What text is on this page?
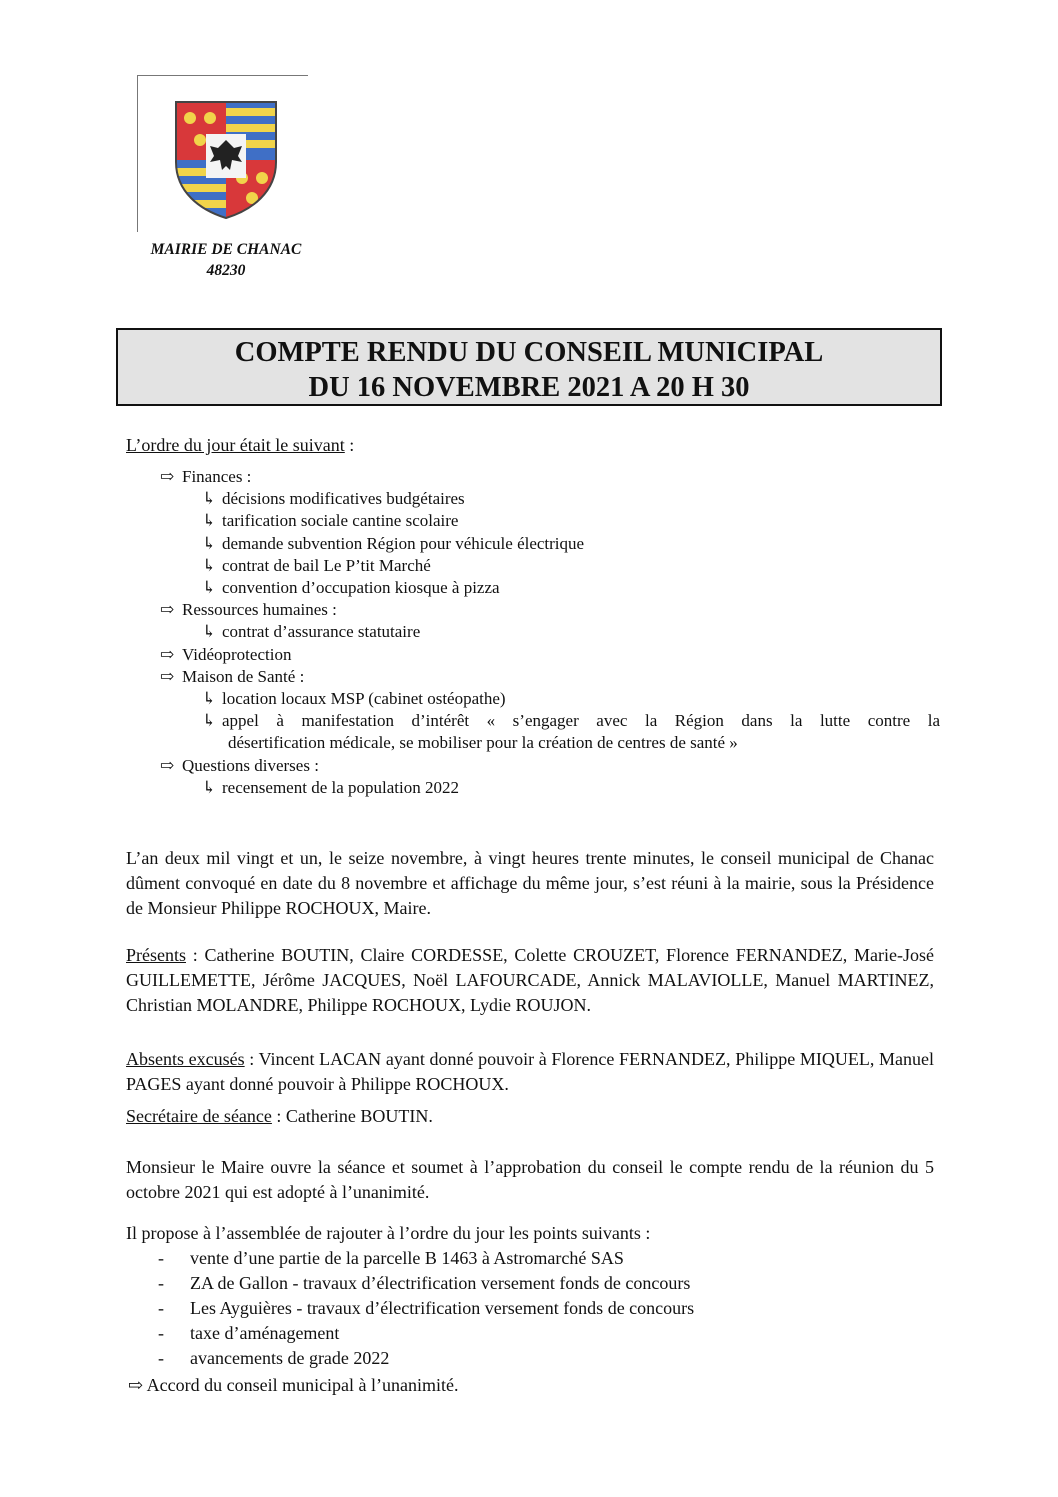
MAIRIE DE CHANAC
48230
COMPTE RENDU DU CONSEIL MUNICIPAL
DU 16 NOVEMBRE 2021 A 20 H 30
L’ordre du jour était le suivant :
⇨ Finances :
↳ décisions modificatives budgétaires
↳ tarification sociale cantine scolaire
↳ demande subvention Région pour véhicule électrique
↳ contrat de bail Le P’tit Marché
↳ convention d’occupation kiosque à pizza
⇨ Ressources humaines :
↳ contrat d’assurance statutaire
⇨ Vidéoprotection
⇨ Maison de Santé :
↳ location locaux MSP (cabinet ostéopathe)
↳ appel à manifestation d’intérêt « s’engager avec la Région dans la lutte contre la
désertification médicale, se mobiliser pour la création de centres de santé »
⇨ Questions diverses :
↳ recensement de la population 2022
L’an deux mil vingt et un, le seize novembre, à vingt heures trente minutes, le conseil municipal de Chanac dûment convoqué en date du 8 novembre et affichage du même jour, s’est réuni à la mairie, sous la Présidence de Monsieur Philippe ROCHOUX, Maire.
Présents : Catherine BOUTIN, Claire CORDESSE, Colette CROUZET, Florence FERNANDEZ, Marie-José GUILLEMETTE, Jérôme JACQUES, Noël LAFOURCADE, Annick MALAVIOLLE, Manuel MARTINEZ, Christian MOLANDRE, Philippe ROCHOUX, Lydie ROUJON.
Absents excusés : Vincent LACAN ayant donné pouvoir à Florence FERNANDEZ, Philippe MIQUEL, Manuel PAGES ayant donné pouvoir à Philippe ROCHOUX.
Secrétaire de séance : Catherine BOUTIN.
Monsieur le Maire ouvre la séance et soumet à l’approbation du conseil le compte rendu de la réunion du 5 octobre 2021 qui est adopté à l’unanimité.
Il propose à l’assemblée de rajouter à l’ordre du jour les points suivants :
- vente d’une partie de la parcelle B 1463 à Astromarché SAS
- ZA de Gallon - travaux d’électrification versement fonds de concours
- Les Ayguières - travaux d’électrification versement fonds de concours
- taxe d’aménagement
- avancements de grade 2022
⇨ Accord du conseil municipal à l’unanimité.
